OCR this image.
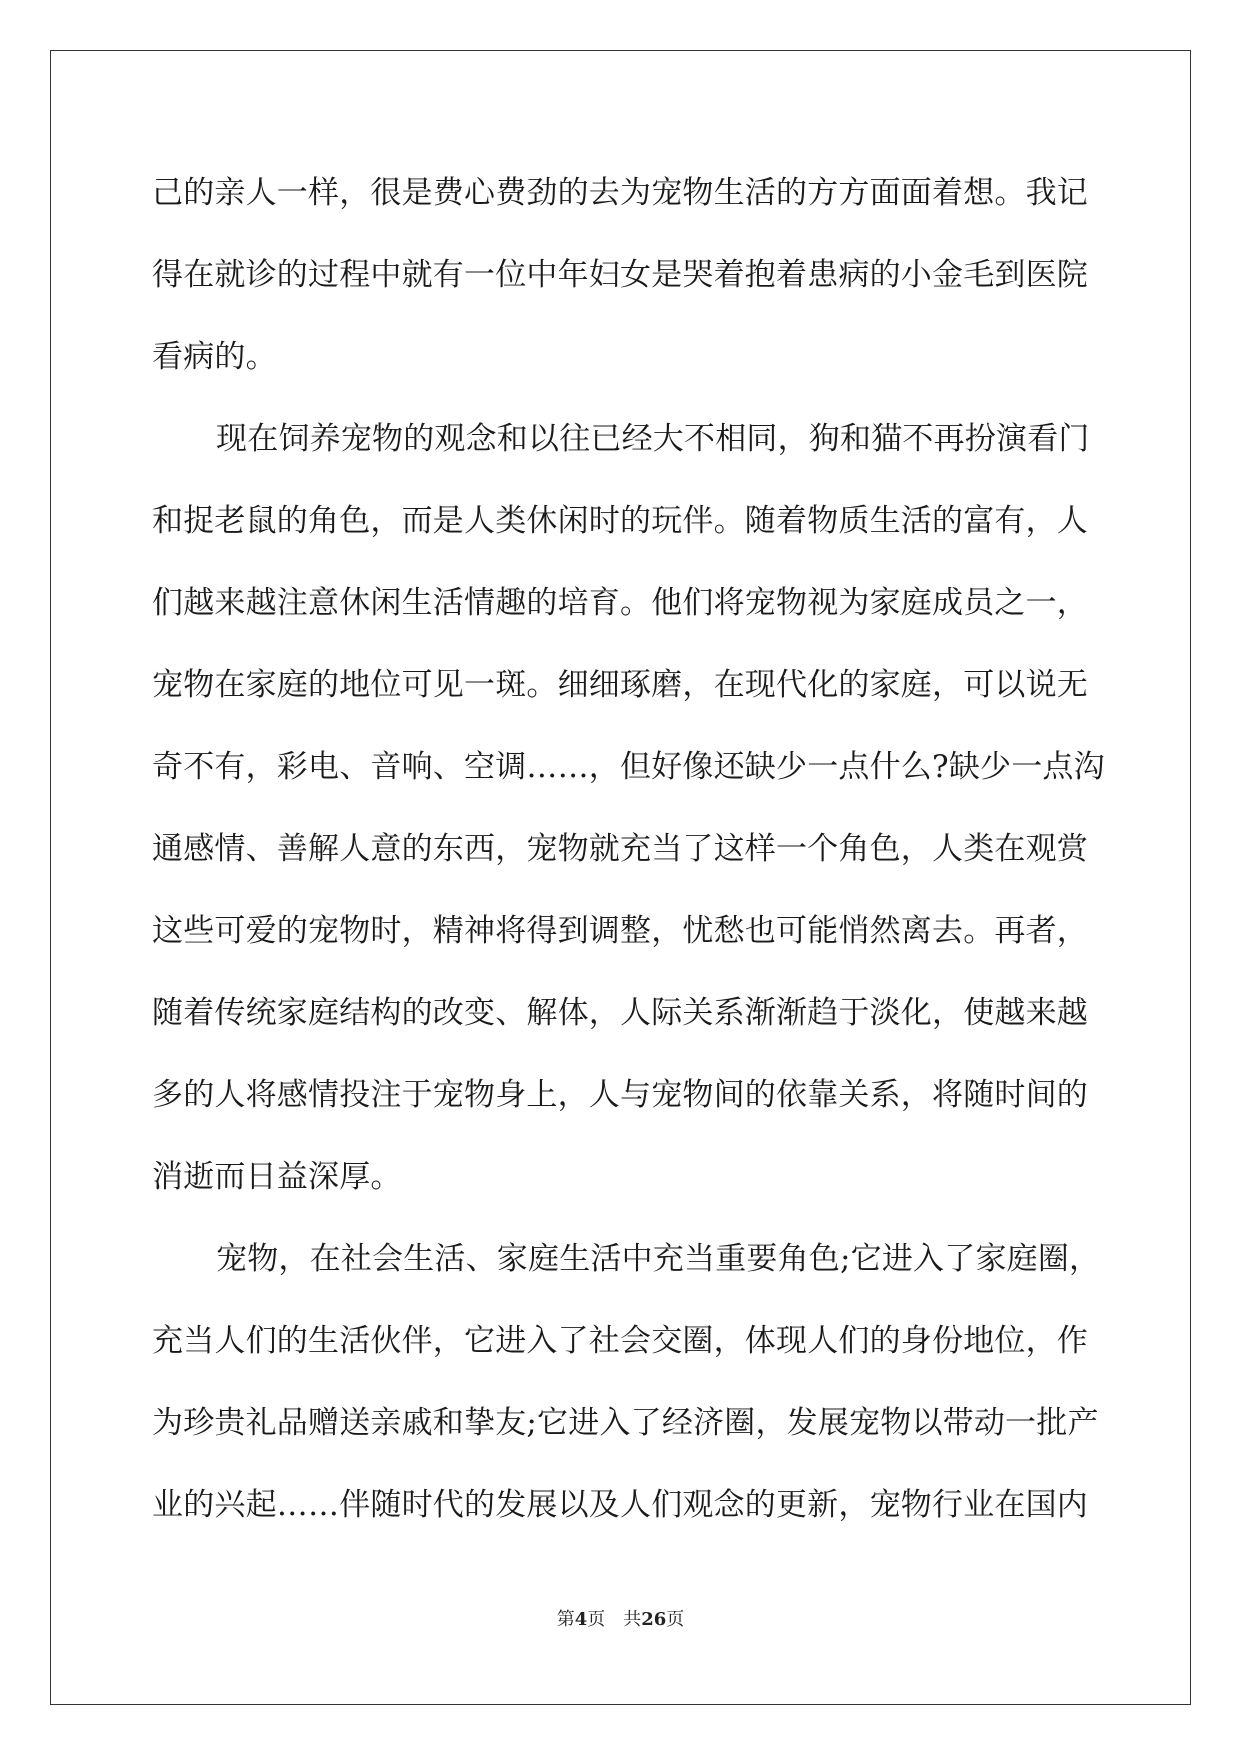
己的亲人一样，很是费心费劲的去为宠物生活的方方面面着想。我记
得在就诊的过程中就有一位中年妇女是哭着抱着患病的小金毛到医院
看病的。
现在饲养宠物的观念和以往已经大不相同，狗和猫不再扮演看门
和捉老鼠的角色，而是人类休闲时的玩伴。随着物质生活的富有，人
们越来越注意休闲生活情趣的培育。他们将宠物视为家庭成员之一，
宠物在家庭的地位可见一斑。细细琢磨，在现代化的家庭，可以说无
奇不有，彩电、音响、空调……，但好像还缺少一点什么?缺少一点沟
通感情、善解人意的东西，宠物就充当了这样一个角色，人类在观赏
这些可爱的宠物时，精神将得到调整，忧愁也可能悄然离去。再者，
随着传统家庭结构的改变、解体，人际关系渐渐趋于淡化，使越来越
多的人将感情投注于宠物身上，人与宠物间的依靠关系，将随时间的
消逝而日益深厚。
宠物，在社会生活、家庭生活中充当重要角色;它进入了家庭圈，
充当人们的生活伙伴，它进入了社会交圈，体现人们的身份地位，作
为珍贵礼品赠送亲戚和挚友;它进入了经济圈，发展宠物以带动一批产
业的兴起……伴随时代的发展以及人们观念的更新，宠物行业在国内
第4页 共26页
